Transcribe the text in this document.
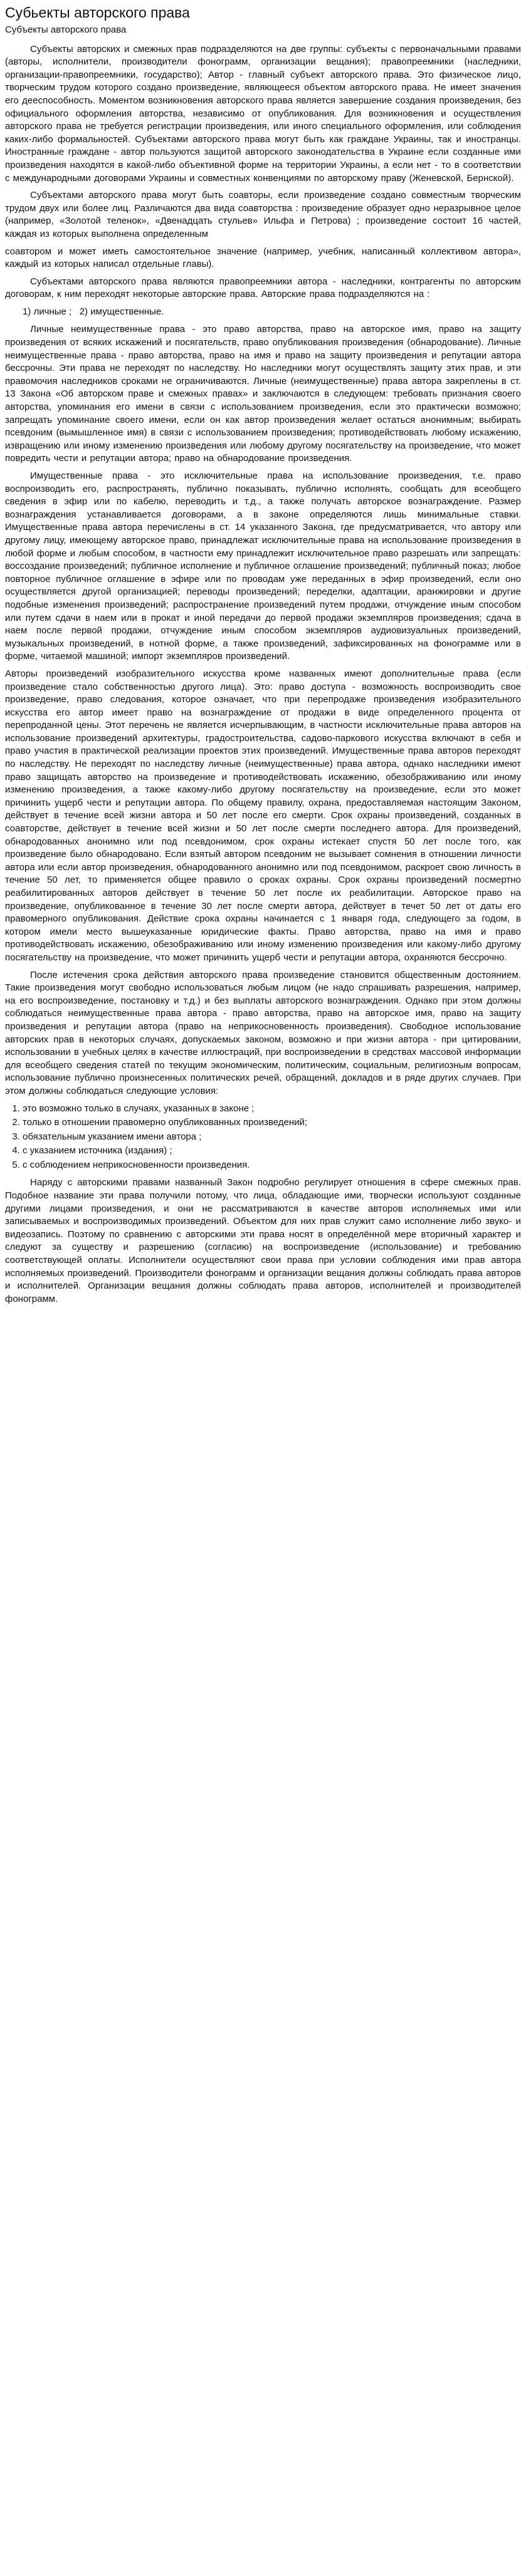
Субьекты авторского права
Субъекты авторского права

Субъекты авторских и смежных прав подразделяются на две группы: субъекты с первоначальными правами (авторы, исполнители, производители фонограмм, организации вещания); правопреемники (наследники, организации-правопреемники, государство); Автор - главный субъект авторского права. Это физическое лицо, творческим трудом которого создано произведение, являющееся объектом авторского права. Не имеет значения его дееспособность. Моментом возникновения авторского права является завершение создания произведения, без официального оформления авторства, независимо от опубликования. Для возникновения и осуществления авторского права не требуется регистрации произведения, или иного специального оформления, или соблюдения каких-либо формальностей. Субъектами авторского права могут быть как граждане Украины, так и иностранцы. Иностранные граждане - автор пользуются защитой авторского законодательства в Украине если созданные ими произведения находятся в какой-либо объективной форме на территории Украины, а если нет - то в соответствии с международными договорами Украины и совместных конвенциями по авторскому праву (Женевской, Бернской).

Субъектами авторского права могут быть соавторы, если произведение создано совместным творческим трудом двух или более лиц. Различаются два вида соавторства : произведение образует одно неразрывное целое (например, «Золотой теленок», «Двенадцать стульев» Ильфа и Петрова) ; произведение состоит 16 частей, каждая из которых выполнена определенным

соавтором и может иметь самостоятельное значение (например, учебник, написанный коллективом автора», каждый из которых написал отдельные главы).

Субъектами авторского права являются правопреемники автора - наследники, контрагенты по авторским договорам, к ним переходят некоторые авторские права. Авторские права подразделяются на :

1) личные ; 2) имущественные.

Личные неимущественные права - это право авторства, право на авторское имя, право на защиту произведения от всяких искажений и посягательств, право опубликования произведения (обнародование). Личные неимущественные права - право авторства, право на имя и право на защиту произведения и репутации автора бессрочны. Эти права не переходят по наследству. Но наследники могут осуществлять защиту этих прав, и эти правомочия наследников сроками не ограничиваются. Личные (неимущественные) права автора закреплены в ст. 13 Закона «Об авторском праве и смежных правах» и заключаются в следующем: требовать признания своего авторства, упоминания его имени в связи с использованием произведения, если это практически возможно; запрещать упоминание своего имени, если он как автор произведения желает остаться анонимным; выбирать псевдоним (вымышленное имя) в связи с использованием произведения; противодействовать любому искажению, извращению или иному изменению произведения или любому другому посягательству на произведение, что может повредить чести и репутации автора; право на обнародование произведения.

Имущественные права - это исключительные права на использование произведения, т.е. право воспроизводить его, распространять, публично показывать, публично исполнять, сообщать для всеобщего сведения в эфир или по кабелю, переводить и т.д., а также получать авторское вознаграждение. Размер вознаграждения устанавливается договорами, а в законе определяются лишь минимальные ставки. Имущественные права автора перечислены в ст. 14 указанного Закона, где предусматривается, что автору или другому лицу, имеющему авторское право, принадлежат исключительные права на использование произведения в любой форме и любым способом, в частности ему принадлежит исключительное право разрешать или запрещать: воссоздание произведений; публичное исполнение и публичное оглашение произведений; публичный показ; любое повторное публичное оглашение в эфире или по проводам уже переданных в эфир произведений, если оно осуществляется другой организацией; переводы произведений; переделки, адаптации, аранжировки и другие подобные изменения произведений; распространение произведений путем продажи, отчуждение иным способом или путем сдачи в наем или в прокат и иной передачи до первой продажи экземпляров произведения; сдача в наем после первой продажи, отчуждение иным способом экземпляров аудиовизуальных произведений, музыкальных произведений, в нотной форме, а также произведений, зафиксированных на фонограмме или в форме, читаемой машиной; импорт экземпляров произведений.

Авторы произведений изобразительного искусства кроме названных имеют дополнительные права (если произведение стало собственностью другого лица). Это: право доступа - возможность воспроизводить свое произведение, право следования, которое означает, что при перепродаже произведения изобразительного искусства его автор имеет право на вознаграждение от продажи в виде определенного процента от перепроданной цены. Этот перечень не является исчерпывающим, в частности исключительные права авторов на использование произведений архитектуры, градостроительства, садово-паркового искусства включают в себя и право участия в практической реализации проектов этих произведений. Имущественные права авторов переходят по наследству. Не переходят по наследству личные (неимущественные) права автора, однако наследники имеют право защищать авторство на произведение и противодействовать искажению, обезображиванию или иному изменению произведения, а также какому-либо другому посягательству на произведение, если это может причинить ущерб чести и репутации автора. По общему правилу, охрана, предоставляемая настоящим Законом, действует в течение всей жизни автора и 50 лет после его смерти. Срок охраны произведений, созданных в соавторстве, действует в течение всей жизни и 50 лет после смерти последнего автора. Для произведений, обнародованных анонимно или под псевдонимом, срок охраны истекает спустя 50 лет после того, как произведение было обнародовано. Если взятый автором псевдоним не вызывает сомнения в отношении личности автора или если автор произведения, обнародованного анонимно или под псевдонимом, раскроет свою личность в течение 50 лет, то применяется общее правило о сроках охраны. Срок охраны произведений посмертно реабилитированных авторов действует в течение 50 лет после их реабилитации. Авторское право на произведение, опубликованное в течение 30 лет после смерти автора, действует в течет 50 лет от даты его правомерного опубликования. Действие срока охраны начинается с 1 января года, следующего за годом, в котором имели место вышеуказанные юридические факты. Право авторства, право на имя и право противодействовать искажению, обезображиванию или иному изменению произведения или какому-либо другому посягательству на произведение, что может причинить ущерб чести и репутации автора, охраняются бессрочно.

После истечения срока действия авторского права произведение становится общественным достоянием. Такие произведения могут свободно использоваться любым лицом (не надо спрашивать разрешения, например, на его воспроизведение, постановку и т.д.) и без выплаты авторского вознаграждения. Однако при этом должны соблюдаться неимущественные права автора - право авторства, право на авторское имя, право на защиту произведения и репутации автора (право на неприкосновенность произведения). Свободное использование авторских прав в некоторых случаях, допускаемых законом, возможно и при жизни автора - при цитировании, использовании в учебных целях в качестве иллюстраций, при воспроизведении в средствах массовой информации для всеобщего сведения статей по текущим экономическим, политическим, социальным, религиозным вопросам, использование публично произнесенных политических речей, обращений, докладов и в ряде других случаев. При этом должны соблюдаться следующие условия:

1. это возможно только в случаях, указанных в законе ;
2. только в отношении правомерно опубликованных произведений;
3. обязательным указанием имени автора ;
4. с указанием источника (издания) ;
5. с соблюдением неприкосновенности произведения.

Наряду с авторскими правами названный Закон подробно регулирует отношения в сфере смежных прав. Подобное название эти права получили потому, что лица, обладающие ими, творчески используют созданные другими лицами произведения, и они не рассматриваются в качестве авторов исполняемых ими или записываемых и воспроизводимых произведений. Объектом для них прав служит само исполнение либо звуко- и видеозапись. Поэтому по сравнению с авторскими эти права носят в определённой мере вторичный характер и следуют за существу и разрешению (согласию) на воспроизведение (использование) и требованию соответствующей оплаты. Исполнители осуществляют свои права при условии соблюдения ими прав автора исполняемых произведений. Производители фонограмм и организации вещания должны соблюдать права авторов и исполнителей. Организации вещания должны соблюдать права авторов, исполнителей и производителей фонограмм.
